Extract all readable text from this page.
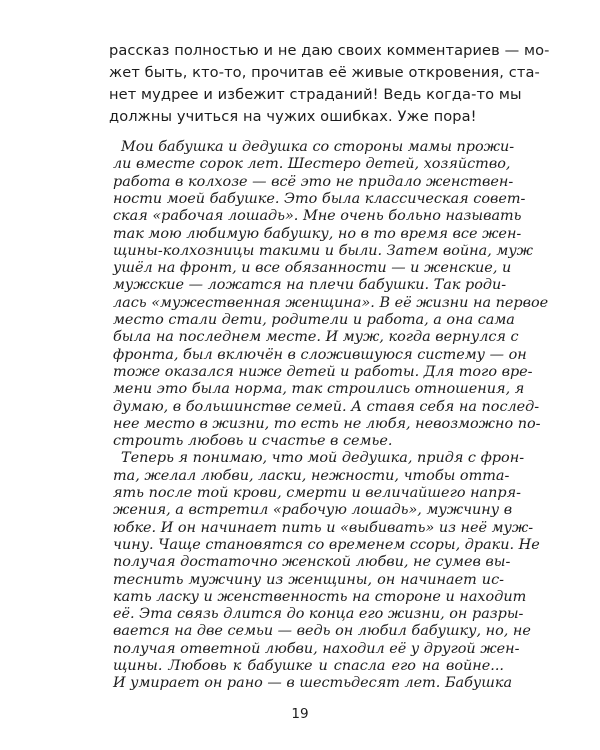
рассказ полностью и не даю своих комментариев — мо-
жет быть, кто-то, прочитав её живые откровения, ста-
нет мудрее и избежит страданий! Ведь когда-то мы
должны учиться на чужих ошибках. Уже пора!
Мои бабушка и дедушка со стороны мамы прожи-
ли вместе сорок лет. Шестеро детей, хозяйство,
работа в колхозе — всё это не придало женствен-
ности моей бабушке. Это была классическая совет-
ская «рабочая лошадь». Мне очень больно называть
так мою любимую бабушку, но в то время все жен-
щины-колхозницы такими и были. Затем война, муж
ушёл на фронт, и все обязанности — и женские, и
мужские — ложатся на плечи бабушки. Так роди-
лась «мужественная женщина». В её жизни на первое
место стали дети, родители и работа, а она сама
была на последнем месте. И муж, когда вернулся с
фронта, был включён в сложившуюся систему — он
тоже оказался ниже детей и работы. Для того вре-
мени это была норма, так строились отношения, я
думаю, в большинстве семей. А ставя себя на послед-
нее место в жизни, то есть не любя, невозможно по-
строить любовь и счастье в семье.
Теперь я понимаю, что мой дедушка, придя с фрон-
та, желал любви, ласки, нежности, чтобы отта-
ять после той крови, смерти и величайшего напря-
жения, а встретил «рабочую лошадь», мужчину в
юбке. И он начинает пить и «выбивать» из неё муж-
чину. Чаще становятся со временем ссоры, драки. Не
получая достаточно женской любви, не сумев вы-
теснить мужчину из женщины, он начинает ис-
кать ласку и женственность на стороне и находит
её. Эта связь длится до конца его жизни, он разры-
вается на две семьи — ведь он любил бабушку, но, не
получая ответной любви, находил её у другой жен-
щины. Любовь к бабушке и спасла его на войне...
И умирает он рано — в шестьдесят лет. Бабушка
19
